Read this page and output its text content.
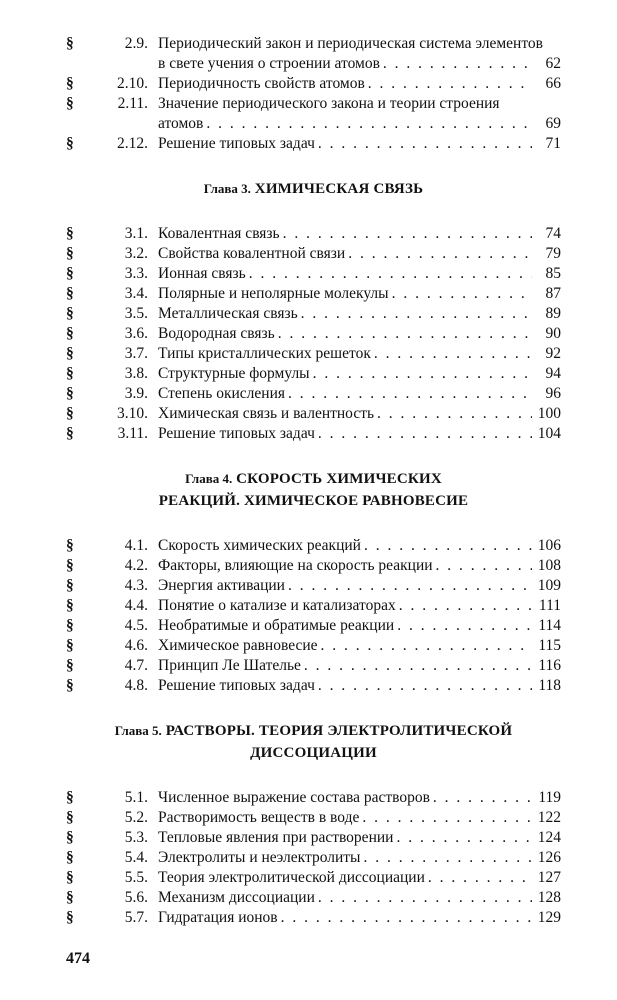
§	2.9. Периодический закон и периодическая система элементов
в свете учения о строении атомов . . .	62
§	2.10. Периодичность свойств атомов . . .	66
§	2.11. Значение периодического закона и теории строения
атомов . . .	69
§	2.12. Решение типовых задач . . .	71
Глава 3. ХИМИЧЕСКАЯ СВЯЗЬ
§	3.1. Ковалентная связь . . .	74
§	3.2. Свойства ковалентной связи . . .	79
§	3.3. Ионная связь . . .	85
§	3.4. Полярные и неполярные молекулы . . .	87
§	3.5. Металлическая связь . . .	89
§	3.6. Водородная связь . . .	90
§	3.7. Типы кристаллических решеток . . .	92
§	3.8. Структурные формулы . . .	94
§	3.9. Степень окисления . . .	96
§	3.10. Химическая связь и валентность . . .	100
§	3.11. Решение типовых задач . . .	104
Глава 4. СКОРОСТЬ ХИМИЧЕСКИХ
РЕАКЦИЙ. ХИМИЧЕСКОЕ РАВНОВЕСИЕ
§	4.1. Скорость химических реакций . . .	106
§	4.2. Факторы, влияющие на скорость реакции . . .	108
§	4.3. Энергия активации . . .	109
§	4.4. Понятие о катализе и катализаторах . . .	111
§	4.5. Необратимые и обратимые реакции . . .	114
§	4.6. Химическое равновесие . . .	115
§	4.7. Принцип Ле Шателье . . .	116
§	4.8. Решение типовых задач . . .	118
Глава 5. РАСТВОРЫ. ТЕОРИЯ ЭЛЕКТРОЛИТИЧЕСКОЙ
ДИССОЦИАЦИИ
§	5.1. Численное выражение состава растворов . . .	119
§	5.2. Растворимость веществ в воде . . .	122
§	5.3. Тепловые явления при растворении . . .	124
§	5.4. Электролиты и неэлектролиты . . .	126
§	5.5. Теория электролитической диссоциации . . .	127
§	5.6. Механизм диссоциации . . .	128
§	5.7. Гидратация ионов . . .	129
474
